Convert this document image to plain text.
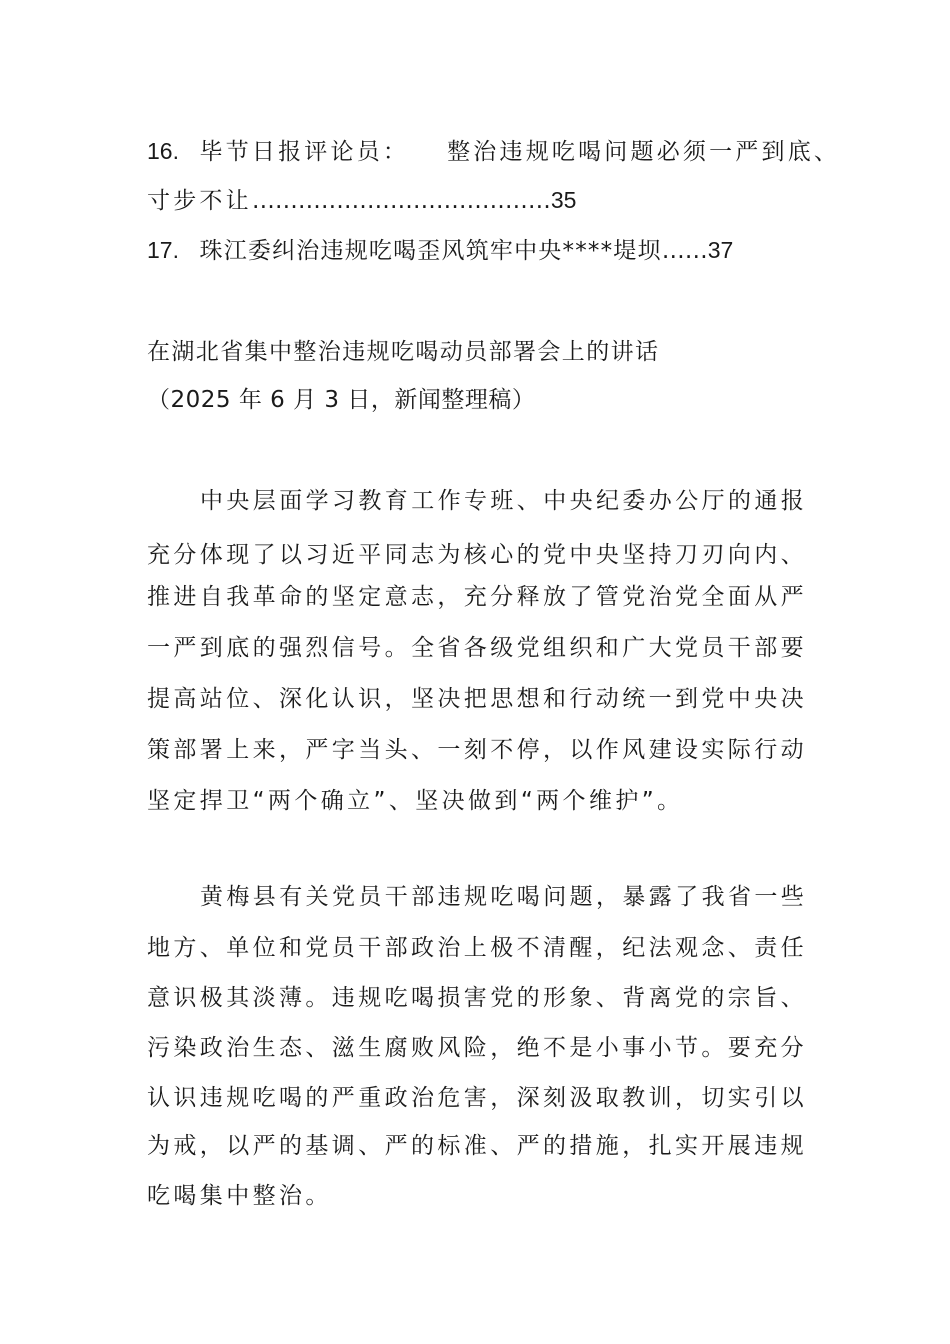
16. 毕节日报评论员： 整治违规吃喝问题必须一严到底、
寸步不让…………………………………35
17. 珠江委纠治违规吃喝歪风筑牢中央****堤坝……37
在湖北省集中整治违规吃喝动员部署会上的讲话
（2025 年 6 月 3 日，新闻整理稿）
中央层面学习教育工作专班、中央纪委办公厅的通报
充分体现了以习近平同志为核心的党中央坚持刀刃向内、
推进自我革命的坚定意志，充分释放了管党治党全面从严
一严到底的强烈信号。全省各级党组织和广大党员干部要
提高站位、深化认识，坚决把思想和行动统一到党中央决
策部署上来，严字当头、一刻不停，以作风建设实际行动
坚定捍卫“两个确立”、坚决做到“两个维护”。
黄梅县有关党员干部违规吃喝问题，暴露了我省一些
地方、单位和党员干部政治上极不清醒，纪法观念、责任
意识极其淡薄。违规吃喝损害党的形象、背离党的宗旨、
污染政治生态、滋生腐败风险，绝不是小事小节。要充分
认识违规吃喝的严重政治危害，深刻汲取教训，切实引以
为戒，以严的基调、严的标准、严的措施，扎实开展违规
吃喝集中整治。
